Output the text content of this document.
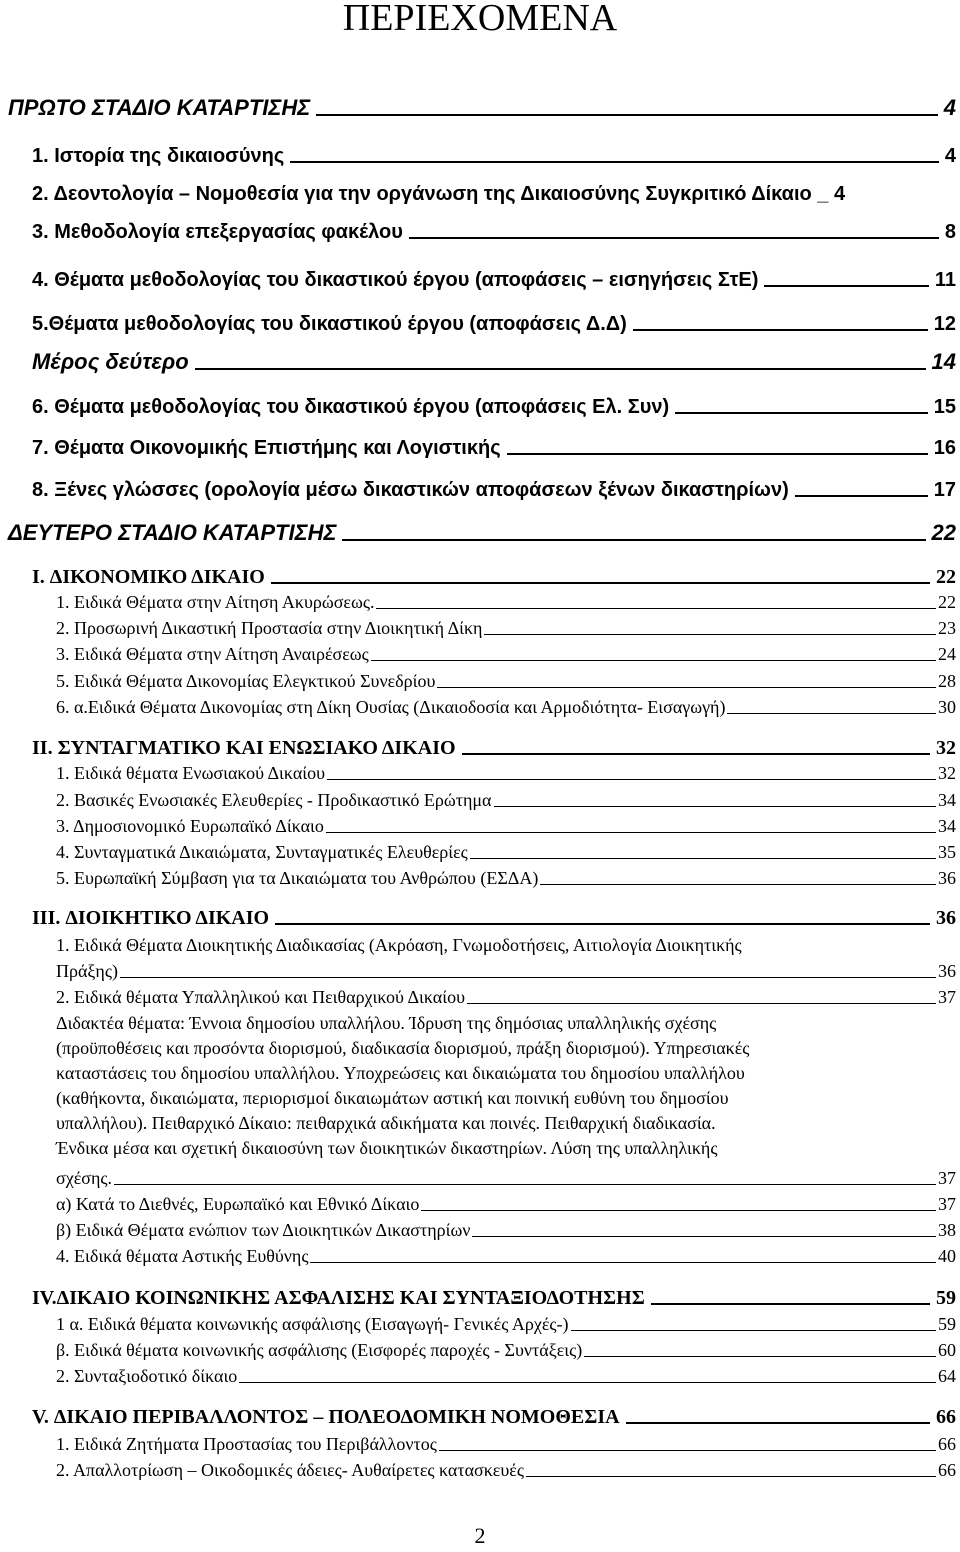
ΠΕΡΙΕΧΟΜΕΝΑ
ΠΡΩΤΟ ΣΤΑΔΙΟ ΚΑΤΑΡΤΙΣΗΣ	4
1. Ιστορία της δικαιοσύνης	4
2. Δεοντολογία – Νομοθεσία για την οργάνωση της Δικαιοσύνης Συγκριτικό Δίκαιο _ 4
3. Μεθοδολογία επεξεργασίας φακέλου	8
4. Θέματα μεθοδολογίας του δικαστικού έργου (αποφάσεις – εισηγήσεις ΣτΕ)	11
5.Θέματα μεθοδολογίας του δικαστικού έργου (αποφάσεις Δ.Δ)	12
Μέρος δεύτερο	14
6. Θέματα μεθοδολογίας του δικαστικού έργου (αποφάσεις Ελ. Συν)	15
7. Θέματα Οικονομικής Επιστήμης και Λογιστικής	16
8. Ξένες γλώσσες (ορολογία μέσω δικαστικών αποφάσεων ξένων δικαστηρίων)	17
ΔΕΥΤΕΡΟ ΣΤΑΔΙΟ ΚΑΤΑΡΤΙΣΗΣ	22
I. ΔΙΚΟΝΟΜΙΚΟ ΔΙΚΑΙΟ	22
1. Ειδικά Θέματα στην Αίτηση Ακυρώσεως.	22
2. Προσωρινή Δικαστική Προστασία στην Διοικητική Δίκη	23
3. Ειδικά Θέματα στην Αίτηση Αναιρέσεως	24
5. Ειδικά Θέματα Δικονομίας Ελεγκτικού Συνεδρίου	28
6. α.Ειδικά Θέματα Δικονομίας στη Δίκη Ουσίας (Δικαιοδοσία και Αρμοδιότητα- Εισαγωγή)	30
II. ΣΥΝΤΑΓΜΑΤΙΚΟ ΚΑΙ ΕΝΩΣΙΑΚΟ ΔΙΚΑΙΟ	32
1. Ειδικά θέματα Ενωσιακού Δικαίου	32
2. Βασικές Ενωσιακές Ελευθερίες - Προδικαστικό Ερώτημα	34
3. Δημοσιονομικό Ευρωπαϊκό Δίκαιο	34
4. Συνταγματικά Δικαιώματα, Συνταγματικές Ελευθερίες	35
5. Ευρωπαϊκή Σύμβαση για τα Δικαιώματα του Ανθρώπου (ΕΣΔΑ)	36
III. ΔΙΟΙΚΗΤΙΚΟ ΔΙΚΑΙΟ	36
1. Ειδικά Θέματα Διοικητικής Διαδικασίας (Ακρόαση, Γνωμοδοτήσεις, Αιτιολογία Διοικητικής
Πράξης)	36
2. Ειδικά θέματα Υπαλληλικού και Πειθαρχικού Δικαίου	37
Διδακτέα θέματα: Έννοια δημοσίου υπαλλήλου. Ίδρυση της δημόσιας υπαλληλικής σχέσης
(προϋποθέσεις και προσόντα διορισμού, διαδικασία διορισμού, πράξη διορισμού). Υπηρεσιακές
καταστάσεις του δημοσίου υπαλλήλου. Υποχρεώσεις και δικαιώματα του δημοσίου υπαλλήλου
(καθήκοντα, δικαιώματα, περιορισμοί δικαιωμάτων αστική και ποινική ευθύνη του δημοσίου
υπαλλήλου). Πειθαρχικό Δίκαιο: πειθαρχικά αδικήματα και ποινές. Πειθαρχική διαδικασία.
Ένδικα μέσα και σχετική δικαιοσύνη των διοικητικών δικαστηρίων. Λύση της υπαλληλικής
σχέσης.	37
α) Κατά το Διεθνές, Ευρωπαϊκό και Εθνικό Δίκαιο	37
β) Ειδικά Θέματα ενώπιον των Διοικητικών Δικαστηρίων	38
4. Ειδικά θέματα Αστικής Ευθύνης	40
IV.ΔΙΚΑΙΟ ΚΟΙΝΩΝΙΚΗΣ ΑΣΦΑΛΙΣΗΣ ΚΑΙ ΣΥΝΤΑΞΙΟΔΟΤΗΣΗΣ	59
1 α. Ειδικά θέματα κοινωνικής ασφάλισης (Εισαγωγή- Γενικές Αρχές-)	59
β. Ειδικά θέματα κοινωνικής ασφάλισης (Εισφορές παροχές - Συντάξεις)	60
2. Συνταξιοδοτικό δίκαιο	64
V. ΔΙΚΑΙΟ ΠΕΡΙΒΑΛΛΟΝΤΟΣ – ΠΟΛΕΟΔΟΜΙΚΗ ΝΟΜΟΘΕΣΙΑ	66
1. Ειδικά Ζητήματα Προστασίας του Περιβάλλοντος	66
2. Απαλλοτρίωση – Οικοδομικές άδειες- Αυθαίρετες κατασκευές	66
2
